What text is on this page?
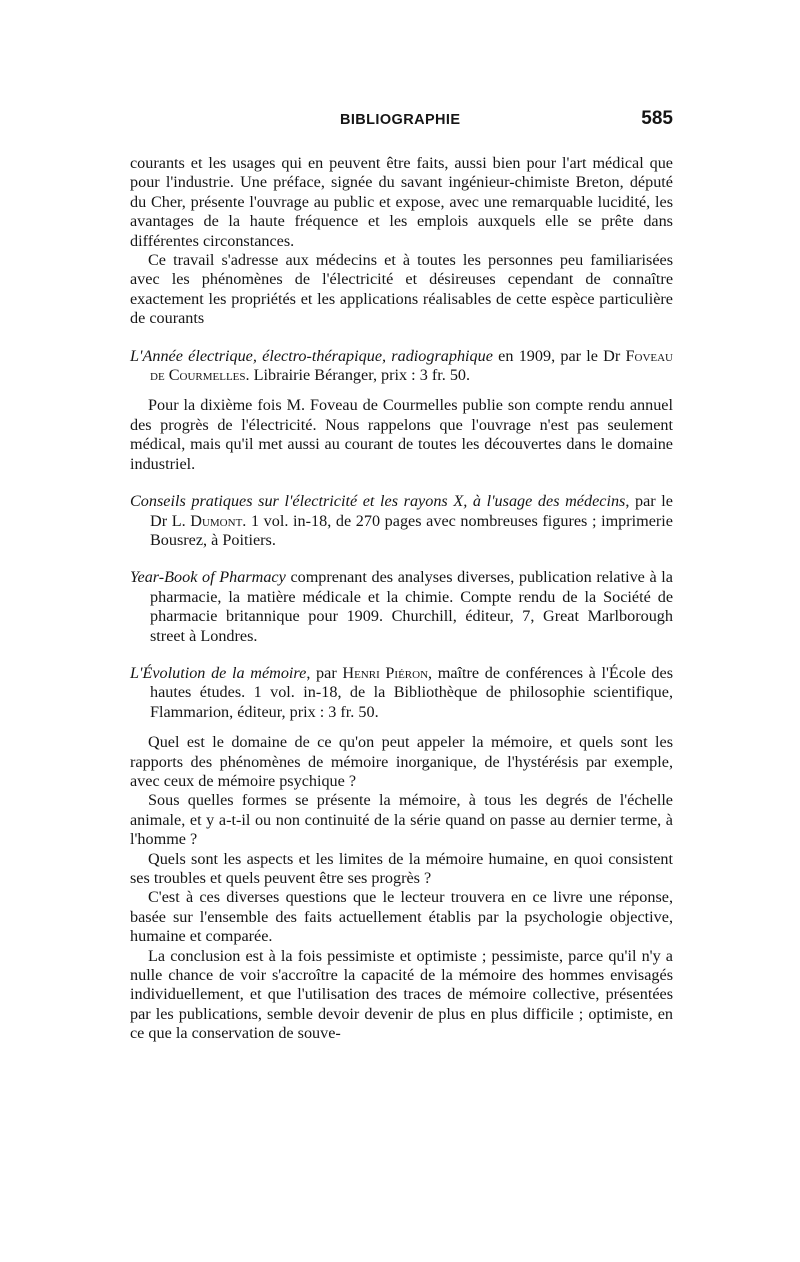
BIBLIOGRAPHIE	585

courants et les usages qui en peuvent être faits, aussi bien pour l'art médical que pour l'industrie. Une préface, signée du savant ingénieur-chimiste Breton, député du Cher, présente l'ouvrage au public et expose, avec une remarquable lucidité, les avantages de la haute fréquence et les emplois auxquels elle se prête dans différentes circonstances.

Ce travail s'adresse aux médecins et à toutes les personnes peu familiarisées avec les phénomènes de l'électricité et désireuses cependant de connaître exactement les propriétés et les applications réalisables de cette espèce particulière de courants

L'Année électrique, électro-thérapique, radiographique en 1909, par le Dr Foveau de Courmelles. Librairie Béranger, prix : 3 fr. 50.

Pour la dixième fois M. Foveau de Courmelles publie son compte rendu annuel des progrès de l'électricité. Nous rappelons que l'ouvrage n'est pas seulement médical, mais qu'il met aussi au courant de toutes les découvertes dans le domaine industriel.

Conseils pratiques sur l'électricité et les rayons X, à l'usage des médecins, par le Dr L. Dumont. 1 vol. in-18, de 270 pages avec nombreuses figures ; imprimerie Bousrez, à Poitiers.
Year-Book of Pharmacy comprenant des analyses diverses, publication relative à la pharmacie, la matière médicale et la chimie. Compte rendu de la Société de pharmacie britannique pour 1909. Churchill, éditeur, 7, Great Marlborough street à Londres.
L'Évolution de la mémoire, par Henri Piéron, maître de conférences à l'École des hautes études. 1 vol. in-18, de la Bibliothèque de philosophie scientifique, Flammarion, éditeur, prix : 3 fr. 50.

Quel est le domaine de ce qu'on peut appeler la mémoire, et quels sont les rapports des phénomènes de mémoire inorganique, de l'hystérésis par exemple, avec ceux de mémoire psychique ?

Sous quelles formes se présente la mémoire, à tous les degrés de l'échelle animale, et y a-t-il ou non continuité de la série quand on passe au dernier terme, à l'homme ?

Quels sont les aspects et les limites de la mémoire humaine, en quoi consistent ses troubles et quels peuvent être ses progrès ?

C'est à ces diverses questions que le lecteur trouvera en ce livre une réponse, basée sur l'ensemble des faits actuellement établis par la psychologie objective, humaine et comparée.

La conclusion est à la fois pessimiste et optimiste ; pessimiste, parce qu'il n'y a nulle chance de voir s'accroître la capacité de la mémoire des hommes envisagés individuellement, et que l'utilisation des traces de mémoire collective, présentées par les publications, semble devoir devenir de plus en plus difficile ; optimiste, en ce que la conservation de souve-
